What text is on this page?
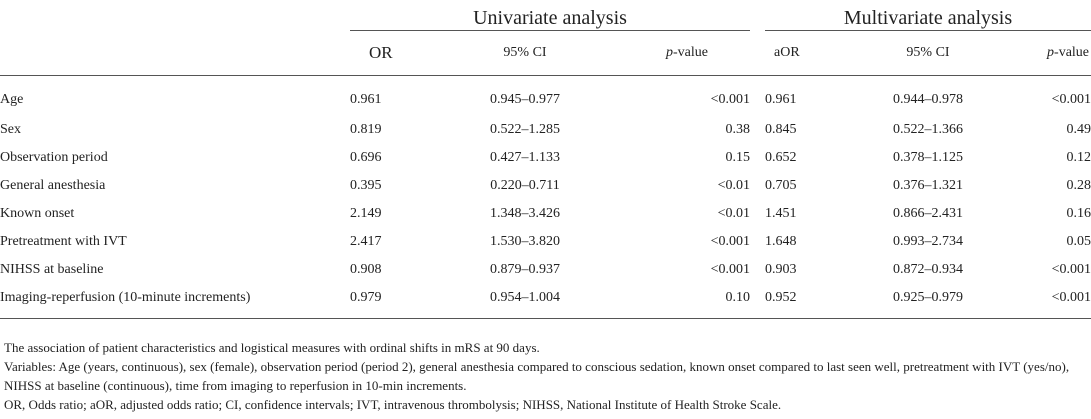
	Univariate analysis				Multivariate analysis		
	OR	95% CI	p-value		aOR	95% CI	p-value
Age	0.961	0.945–0.977	<0.001		0.961	0.944–0.978	<0.001
Sex	0.819	0.522–1.285	0.38		0.845	0.522–1.366	0.49
Observation period	0.696	0.427–1.133	0.15		0.652	0.378–1.125	0.12
General anesthesia	0.395	0.220–0.711	<0.01		0.705	0.376–1.321	0.28
Known onset	2.149	1.348–3.426	<0.01		1.451	0.866–2.431	0.16
Pretreatment with IVT	2.417	1.530–3.820	<0.001		1.648	0.993–2.734	0.05
NIHSS at baseline	0.908	0.879–0.937	<0.001		0.903	0.872–0.934	<0.001
Imaging-reperfusion (10-minute increments)	0.979	0.954–1.004	0.10		0.952	0.925–0.979	<0.001

The association of patient characteristics and logistical measures with ordinal shifts in mRS at 90 days.

Variables: Age (years, continuous), sex (female), observation period (period 2), general anesthesia compared to conscious sedation, known onset compared to last seen well, pretreatment with IVT (yes/no), NIHSS at baseline (continuous), time from imaging to reperfusion in 10-min increments.

OR, Odds ratio; aOR, adjusted odds ratio; CI, confidence intervals; IVT, intravenous thrombolysis; NIHSS, National Institute of Health Stroke Scale.
